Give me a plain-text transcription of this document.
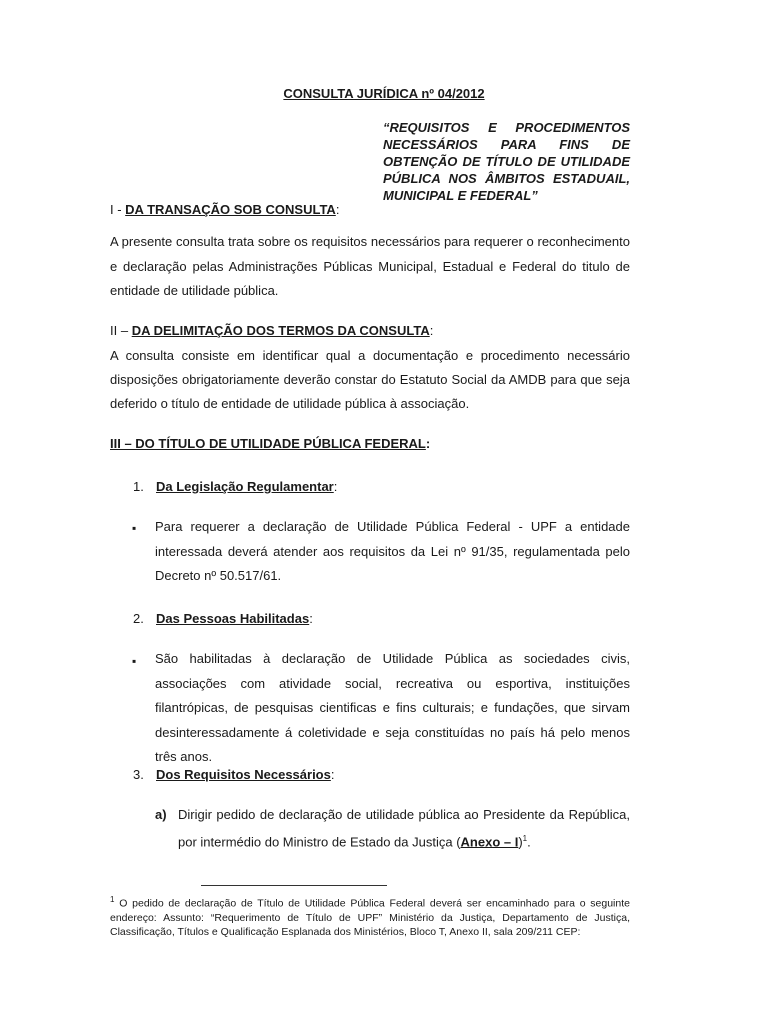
CONSULTA JURÍDICA nº 04/2012
“REQUISITOS E PROCEDIMENTOS NECESSÁRIOS PARA FINS DE OBTENÇÃO DE TÍTULO DE UTILIDADE PÚBLICA NOS ÂMBITOS ESTADUAIL, MUNICIPAL E FEDERAL”
I - DA TRANSAÇÃO SOB CONSULTA:
A presente consulta trata sobre os requisitos necessários para requerer o reconhecimento e declaração pelas Administrações Públicas Municipal, Estadual e Federal do titulo de entidade de utilidade pública.
II – DA DELIMITAÇÃO DOS TERMOS DA CONSULTA:
A consulta consiste em identificar qual a documentação e procedimento necessário disposições obrigatoriamente deverão constar do Estatuto Social da AMDB para que seja deferido o título de entidade de utilidade pública à associação.
III – DO TÍTULO DE UTILIDADE PÚBLICA FEDERAL:
1. Da Legislação Regulamentar:
▪ Para requerer a declaração de Utilidade Pública Federal - UPF a entidade interessada deverá atender aos requisitos da Lei nº 91/35, regulamentada pelo Decreto nº 50.517/61.
2. Das Pessoas Habilitadas:
▪ São habilitadas à declaração de Utilidade Pública as sociedades civis, associações com atividade social, recreativa ou esportiva, instituições filantrópicas, de pesquisas cientificas e fins culturais; e fundações, que sirvam desinteressadamente á coletividade e seja constituídas no país há pelo menos três anos.
3. Dos Requisitos Necessários:
a) Dirigir pedido de declaração de utilidade pública ao Presidente da República, por intermédio do Ministro de Estado da Justiça (Anexo – I)$^1$.
$^1$ O pedido de declaração de Título de Utilidade Pública Federal deverá ser encaminhado para o seguinte endereço: Assunto: “Requerimento de Título de UPF” Ministério da Justiça, Departamento de Justiça, Classificação, Títulos e Qualificação Esplanada dos Ministérios, Bloco T, Anexo II, sala 209/211 CEP:
